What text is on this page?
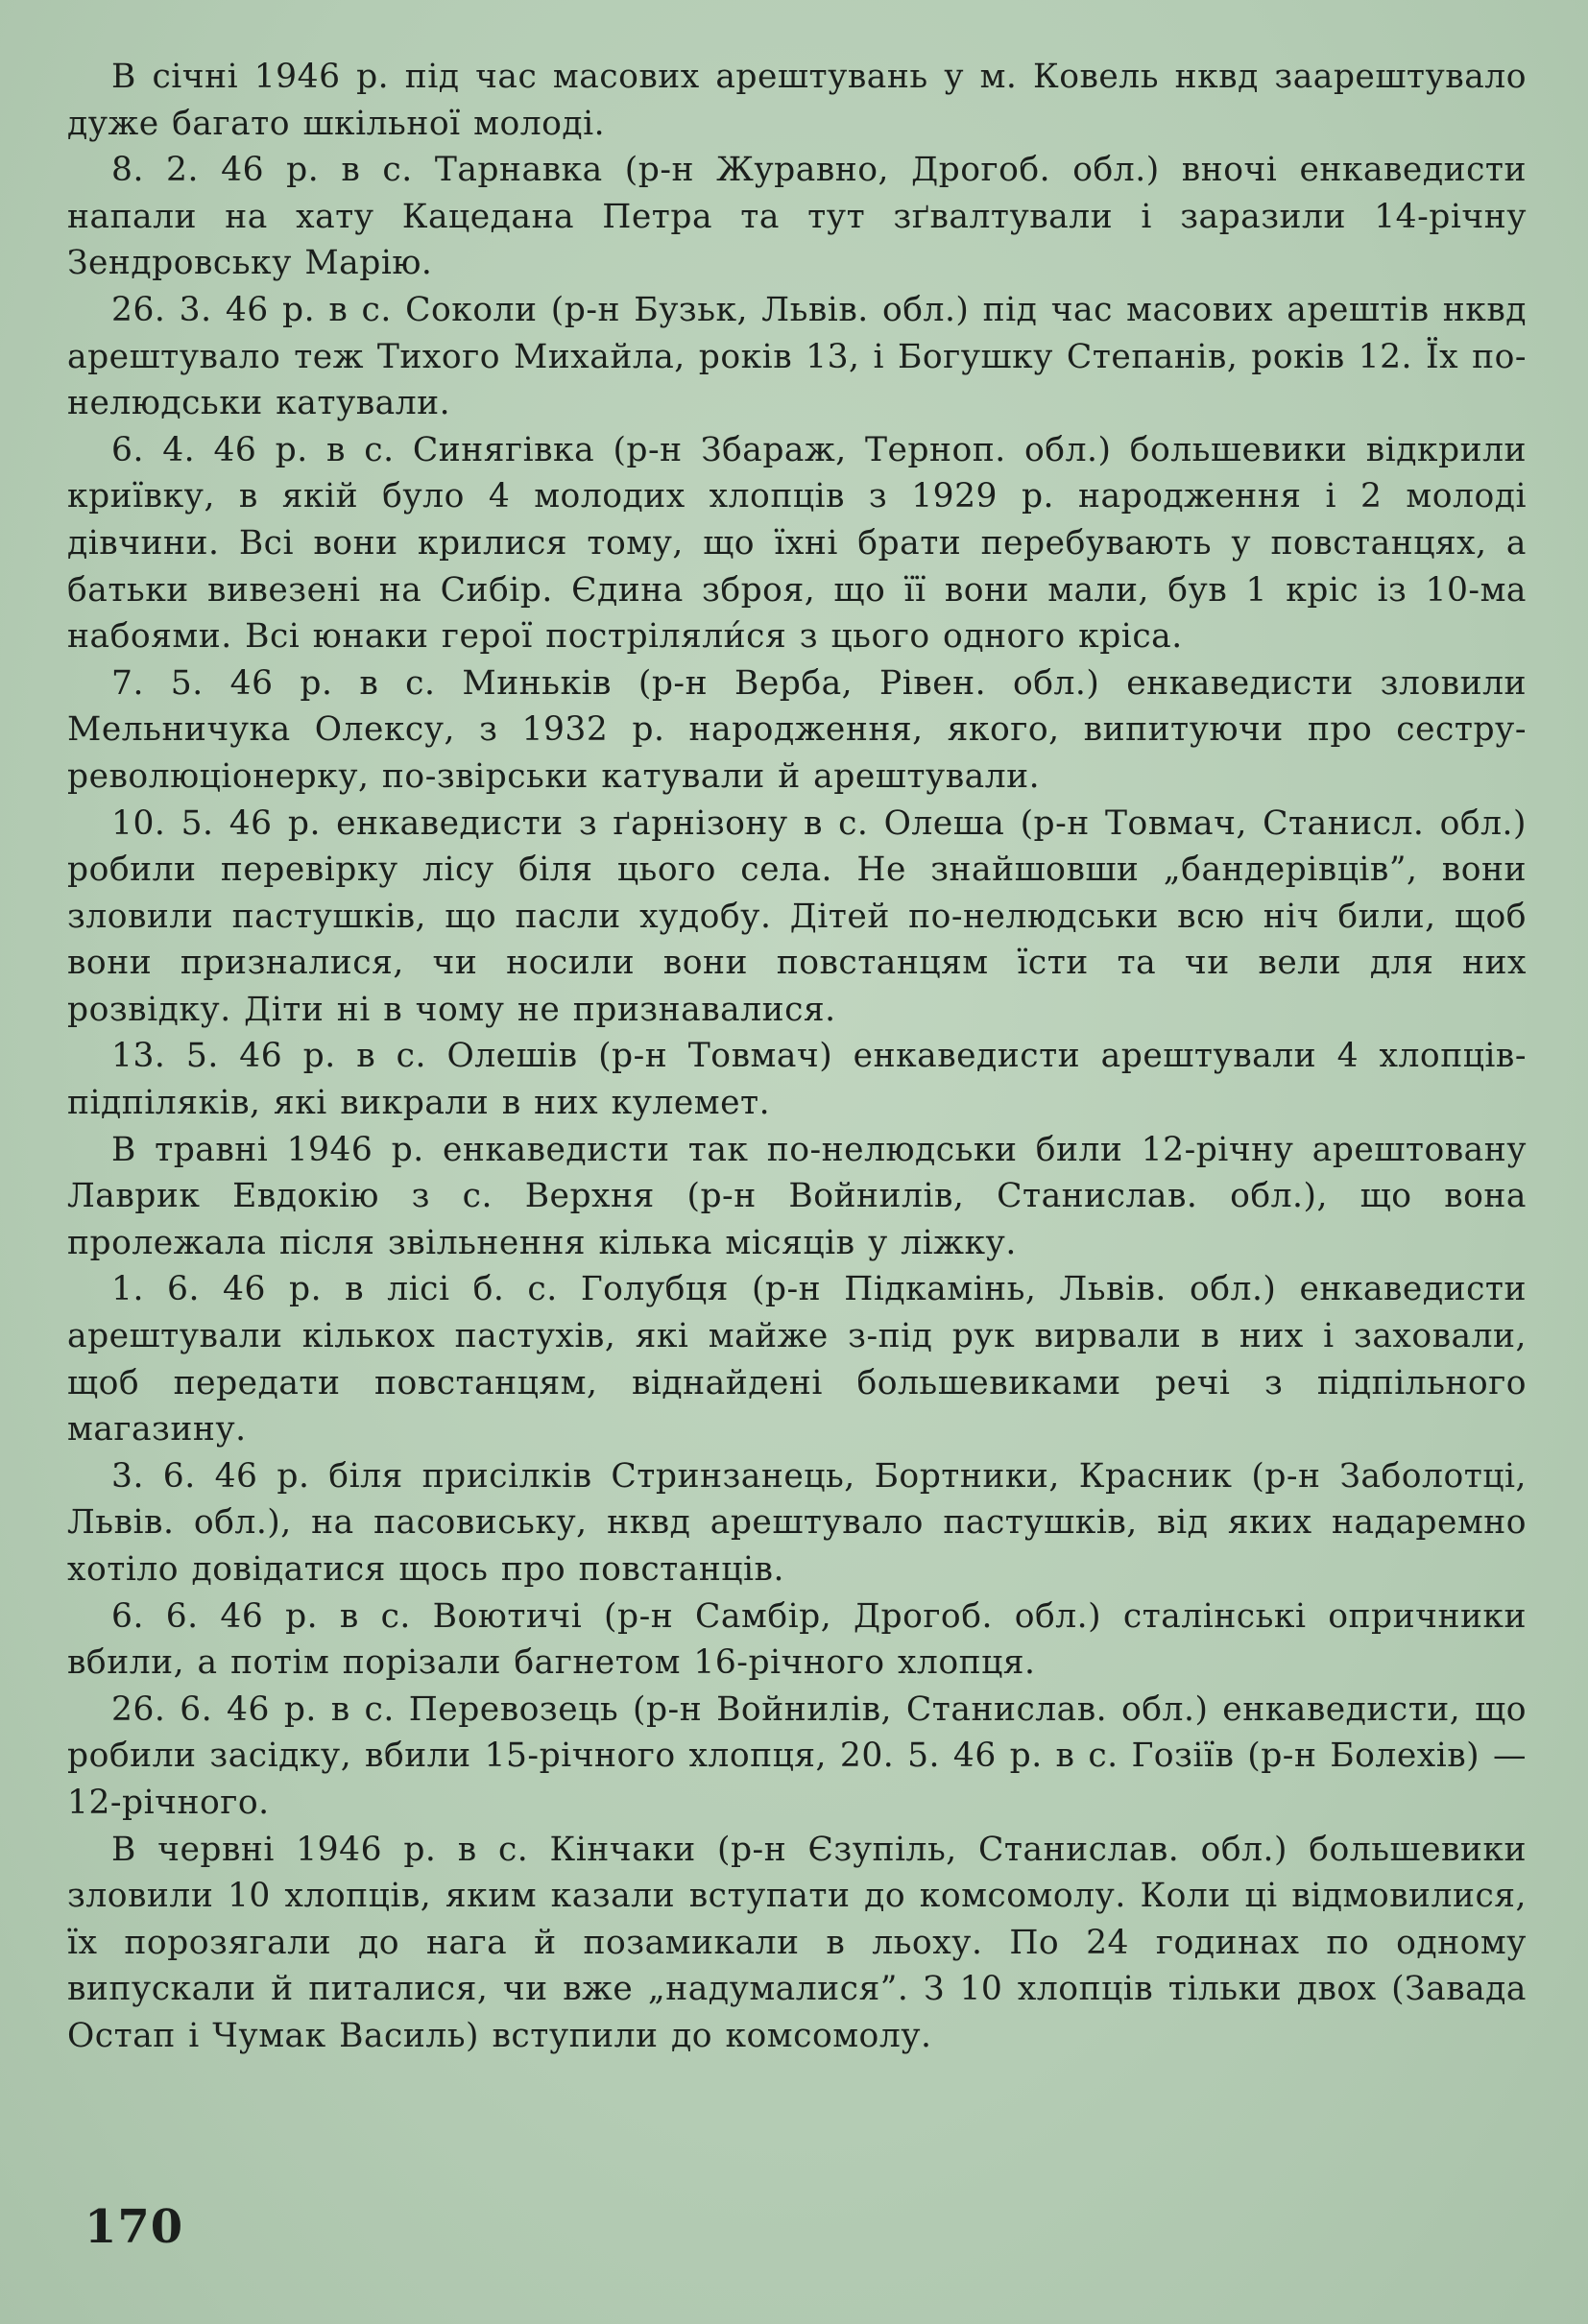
В січні 1946 р. під час масових арештувань у м. Ковель нквд заарештувало дуже багато шкільної молоді.

8. 2. 46 р. в с. Тарнавка (р-н Журавно, Дрогоб. обл.) вночі енкаведисти напали на хату Кацедана Петра та тут зґвалтували і заразили 14-річну Зендровську Марію.

26. 3. 46 р. в с. Соколи (р-н Бузьк, Львів. обл.) під час масових арештів нквд арештувало теж Тихого Михайла, років 13, і Богушку Степанів, років 12. Їх по-нелюдськи катували.

6. 4. 46 р. в с. Синягівка (р-н Збараж, Терноп. обл.) большевики відкрили криївку, в якій було 4 молодих хлопців з 1929 р. народження і 2 молоді дівчини. Всі вони крилися тому, що їхні брати перебувають у повстанцях, а батьки вивезені на Сибір. Єдина зброя, що її вони мали, був 1 кріс із 10-ма набоями. Всі юнаки герої постріляли́ся з цього одного кріса.

7. 5. 46 р. в с. Миньків (р-н Верба, Рівен. обл.) енкаведисти зловили Мельничука Олексу, з 1932 р. народження, якого, випитуючи про сестру-революціонерку, по-звірськи катували й арештували.

10. 5. 46 р. енкаведисти з ґарнізону в с. Олеша (р-н Товмач, Станисл. обл.) робили перевірку лісу біля цього села. Не знайшовши „бандерівців”, вони зловили пастушків, що пасли худобу. Дітей по-нелюдськи всю ніч били, щоб вони призналися, чи носили вони повстанцям їсти та чи вели для них розвідку. Діти ні в чому не признавалися.

13. 5. 46 р. в с. Олешів (р-н Товмач) енкаведисти арештували 4 хлопців-підпіляків, які викрали в них кулемет.

В травні 1946 р. енкаведисти так по-нелюдськи били 12-річну арештовану Лаврик Евдокію з с. Верхня (р-н Войнилів, Станислав. обл.), що вона пролежала після звільнення кілька місяців у ліжку.

1. 6. 46 р. в лісі б. с. Голубця (р-н Підкамінь, Львів. обл.) енкаведисти арештували кількох пастухів, які майже з-під рук вирвали в них і заховали, щоб передати повстанцям, віднайдені большевиками речі з підпільного магазину.

3. 6. 46 р. біля присілків Стринзанець, Бортники, Красник (р-н Заболотці, Львів. обл.), на пасовиську, нквд арештувало пастушків, від яких надаремно хотіло довідатися щось про повстанців.

6. 6. 46 р. в с. Воютичі (р-н Самбір, Дрогоб. обл.) сталінські опричники вбили, а потім порізали багнетом 16-річного хлопця.

26. 6. 46 р. в с. Перевозець (р-н Войнилів, Станислав. обл.) енкаведисти, що робили засідку, вбили 15-річного хлопця, 20. 5. 46 р. в с. Гозіїв (р-н Болехів) — 12-річного.

В червні 1946 р. в с. Кінчаки (р-н Єзупіль, Станислав. обл.) большевики зловили 10 хлопців, яким казали вступати до комсомолу. Коли ці відмовилися, їх порозягали до нага й позамикали в льоху. По 24 годинах по одному випускали й питалися, чи вже „надумалися”. З 10 хлопців тільки двох (Завада Остап і Чумак Василь) вступили до комсомолу.

170
